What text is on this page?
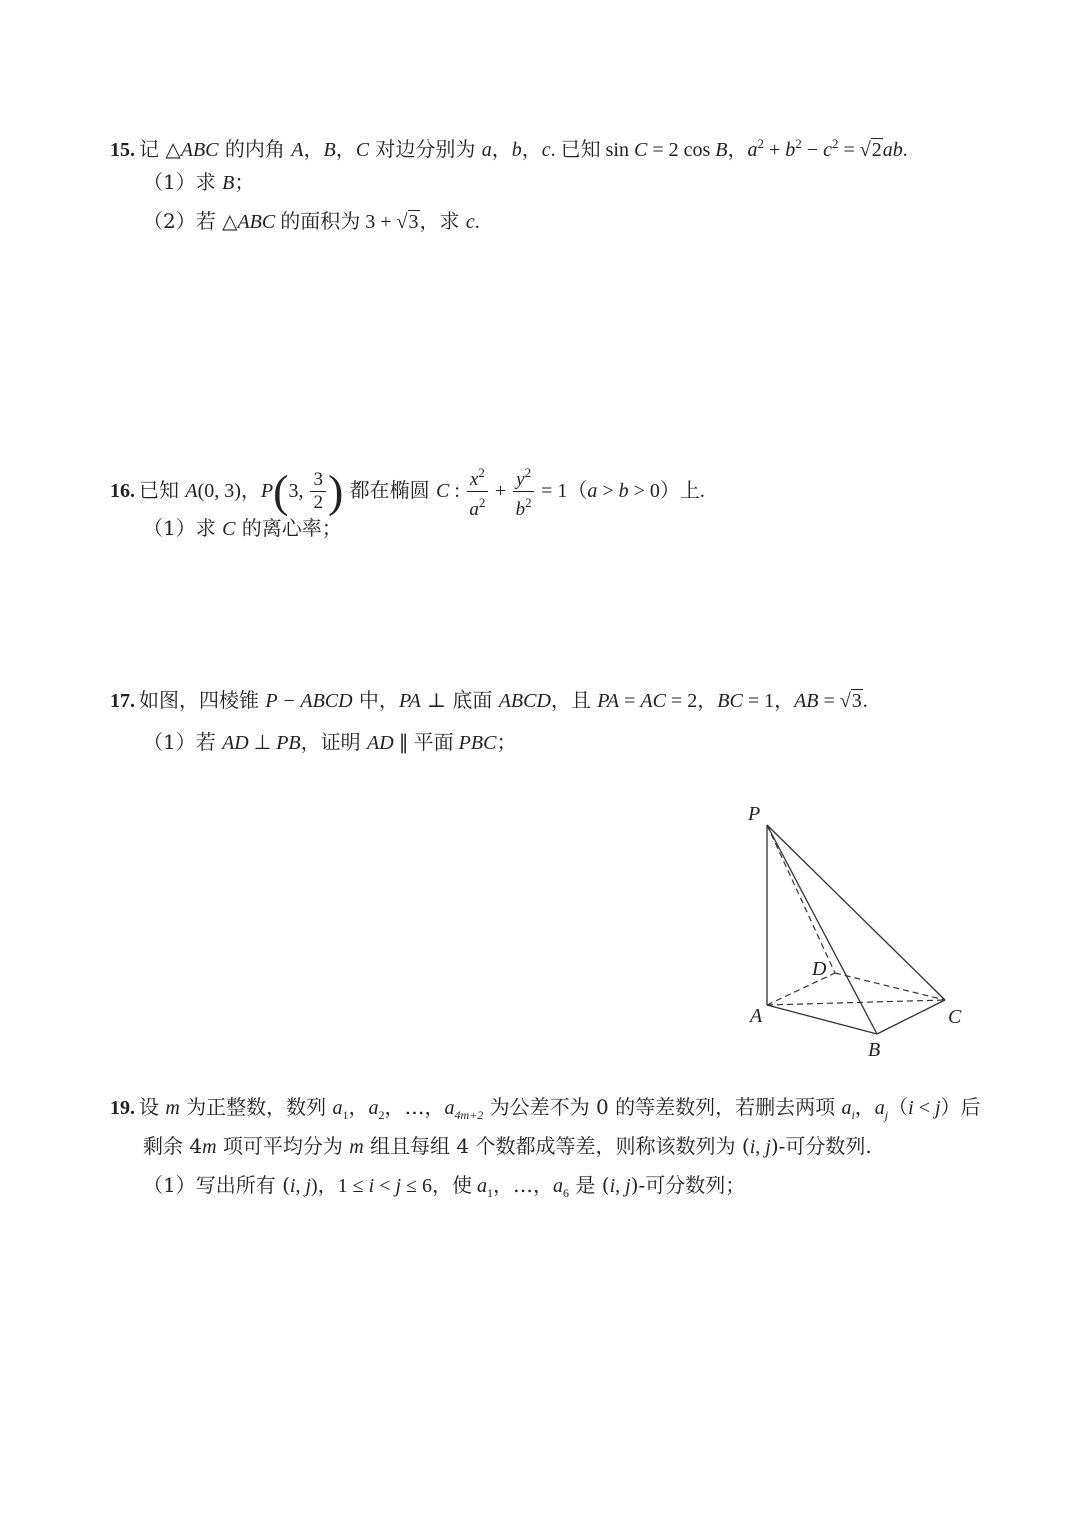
15. 记 △ABC 的内角 A，B，C 对边分别为 a，b，c. 已知 sin C = 2 cos B，$a^2 + b^2 - c^2 = √2ab$.
（1）求 B；
（2）若 △ABC 的面积为 3 + √3，求 c.
16. 已知 A(0, 3)，P(3, $\frac{3}{2}$ ) 都在椭圆 C : $\frac{x^2}{a^2} + \frac{y^2}{b^2} = 1(a > b > 0)$上.
（1）求 C 的离心率；
17. 如图，四棱锥 P − ABCD 中，PA ⊥ 底面 ABCD，且 PA = AC = 2，BC = 1，AB = √3.
（1）若 AD ⊥ PB，证明 AD ∥ 平面 PBC；
P
D
A
B
C
19. 设 m 为正整数，数列 $a_1$，$a_2$，…，$a_{4m+2}$ 为公差不为 0 的等差数列，若删去两项 $a_i$，$a_j(i < j)$后
剩余 4m 项可平均分为 m 组且每组 4 个数都成等差，则称该数列为 (i, j)-可分数列.
（1）写出所有 (i, j)，1 ≤ i < j ≤ 6，使 $a_1$，…，$a_6$ 是 (i, j)-可分数列；
